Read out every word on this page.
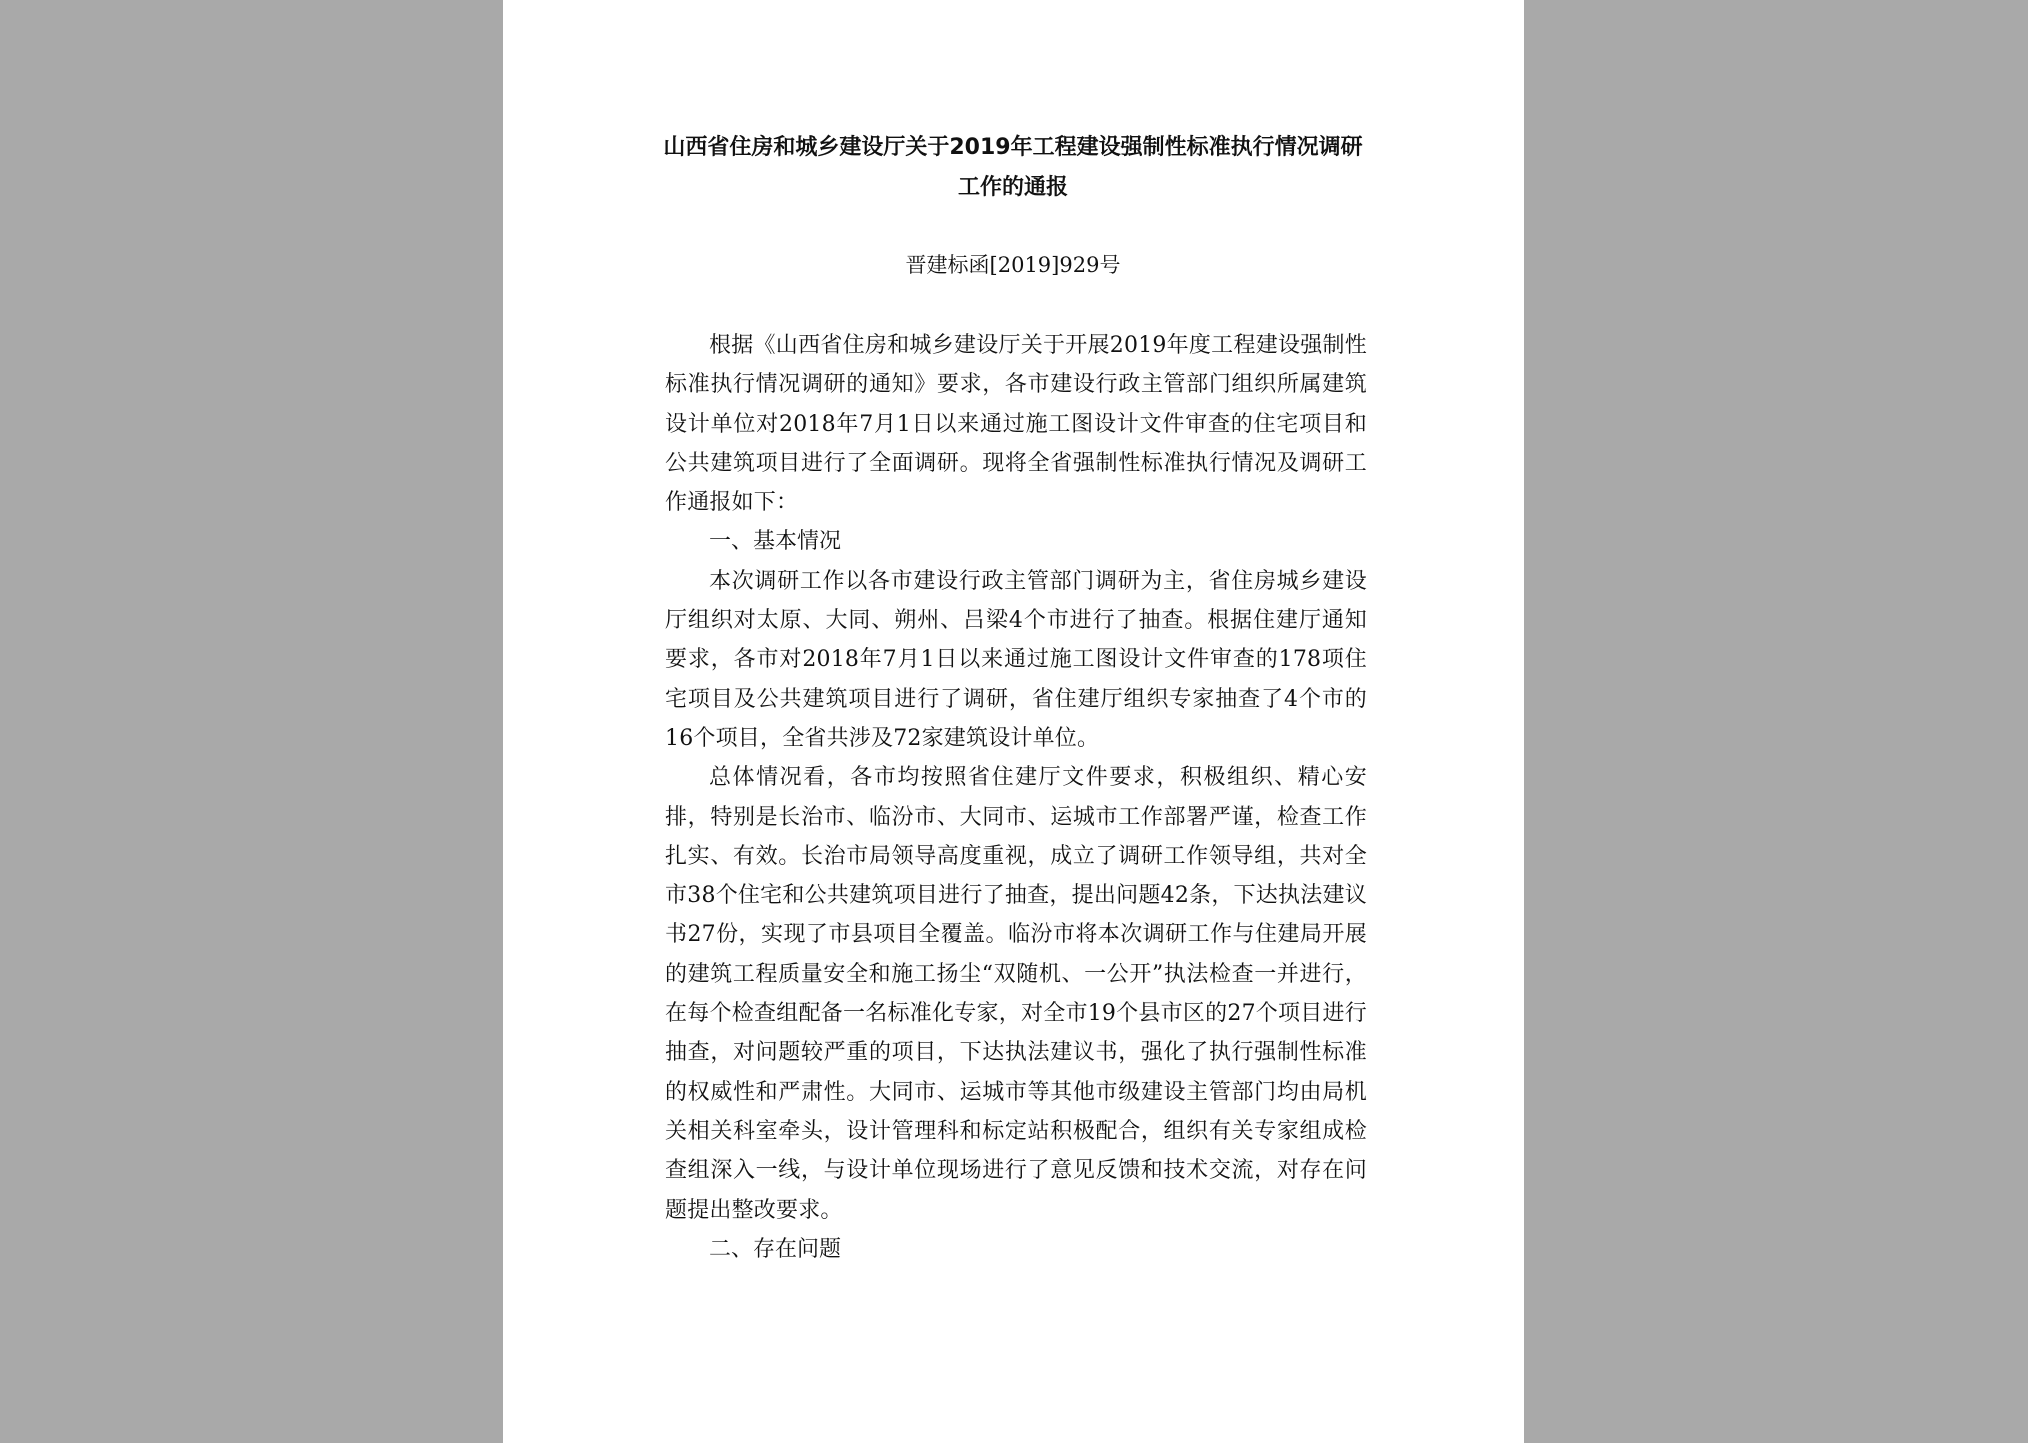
山西省住房和城乡建设厅关于2019年工程建设强制性标准执行情况调研工作的通报
晋建标函[2019]929号

根据《山西省住房和城乡建设厅关于开展2019年度工程建设强制性标准执行情况调研的通知》要求，各市建设行政主管部门组织所属建筑设计单位对2018年7月1日以来通过施工图设计文件审查的住宅项目和公共建筑项目进行了全面调研。现将全省强制性标准执行情况及调研工作通报如下：

一、基本情况

本次调研工作以各市建设行政主管部门调研为主，省住房城乡建设厅组织对太原、大同、朔州、吕梁4个市进行了抽查。根据住建厅通知要求，各市对2018年7月1日以来通过施工图设计文件审查的178项住宅项目及公共建筑项目进行了调研，省住建厅组织专家抽查了4个市的16个项目，全省共涉及72家建筑设计单位。

总体情况看，各市均按照省住建厅文件要求，积极组织、精心安排，特别是长治市、临汾市、大同市、运城市工作部署严谨，检查工作扎实、有效。长治市局领导高度重视，成立了调研工作领导组，共对全市38个住宅和公共建筑项目进行了抽查，提出问题42条，下达执法建议书27份，实现了市县项目全覆盖。临汾市将本次调研工作与住建局开展的建筑工程质量安全和施工扬尘“双随机、一公开”执法检查一并进行，在每个检查组配备一名标准化专家，对全市19个县市区的27个项目进行抽查，对问题较严重的项目，下达执法建议书，强化了执行强制性标准的权威性和严肃性。大同市、运城市等其他市级建设主管部门均由局机关相关科室牵头，设计管理科和标定站积极配合，组织有关专家组成检查组深入一线，与设计单位现场进行了意见反馈和技术交流，对存在问题提出整改要求。

二、存在问题
